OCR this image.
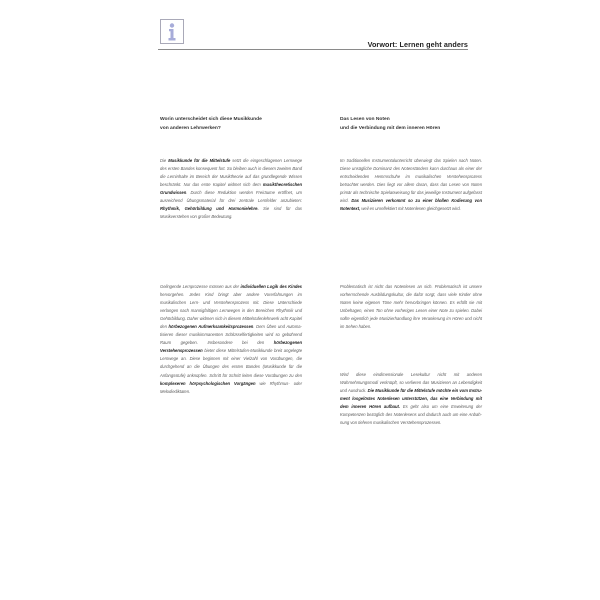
Vorwort: Lernen geht anders
Worin unterscheidet sich diese Musikkunde
von anderen Lehrwerken?
Die Musikkunde für die Mittelstufe setzt die eingeschlagenen Lernwege des ersten Bandes konsequent fort. So bleiben auch in diesem zweiten Band die Lerninhalte im Bereich der Musiktheorie auf das grundlegende Wissen beschränkt. Nur das erste Kapitel widmet sich dem musiktheoretischen Grundwissen. Durch diese Reduktion werden Freiräume eröffnet, um ausreichend Übungsmaterial für drei zentrale Lernfelder anzubieten: Rhythmik, Gehörbildung und Harmonielehre. Sie sind für das Musikverstehen von großer Bedeutung.
Gelingende Lernprozesse müssen aus der individuellen Logik des Kindes hervorgehen. Jedes Kind bringt aber andere Vorerfahrungen im musikalischen Lern- und Verstehensprozess mit. Diese Unterschiede verlangen nach mannigfaltigen Lernwegen in den Bereichen Rhythmik und Gehörbildung. Daher widmen sich in diesem Mittelstufenlehrwerk acht Kapitel den hörbezogenen Aufmerksamkeitsprozessen. Dem Üben und Automatisieren dieser musikimmanenten Schlüsselfertigkeiten wird so gebührend Raum gegeben. Insbesondere bei den hörbezogenen Verstehensprozessen bietet diese Mittelstufen-Musikkunde breit angelegte Lernwege an. Diese beginnen mit einer Vielzahl von Vorübungen, die durchgehend an die Übungen des ersten Bandes (Musikkunde für die Anfangsstufe) anknüpfen. Schritt für Schritt leiten diese Vorübungen zu den komplexeren hörpsychologischen Vorgängen wie Rhythmus- oder Melodiediktaten.
Das Lesen von Noten
und die Verbindung mit dem inneren Hören
Im traditionellen Instrumentalunterricht überwiegt das Spielen nach Noten. Diese unsägliche Dominanz des Notenständers kann durchaus als einer der entscheidenden Hemmschuhe im musikalischen Verstehensprozess betrachtet werden. Dies liegt vor allem daran, dass das Lesen von Noten primär als technische Spielanweisung für das jeweilige Instrument aufgefasst wird. Das Musizieren verkommt so zu einer bloßen Kodierung von Notentext, weil es unreflektiert mit Notenlesen gleichgesetzt wird.
Problematisch ist nicht das Notenlesen an sich. Problematisch ist unsere vorherrschende Ausbildungskultur, die dafür sorgt, dass viele Kinder ohne Noten keine eigenen Töne mehr hervorbringen können. Es erfüllt sie mit Unbehagen, einen Ton ohne vorheriges Lesen einer Note zu spielen. Dabei sollte eigentlich jede Musizierhandlung ihre Verankerung im Hören und nicht im Sehen haben.
Wird diese eindimensionale Lesekultur nicht mit anderen Wahrnehmungsmodi verknüpft, so verlieren das Musizieren an Lebendigkeit und Ausdruck. Die Musikkunde für die Mittelstufe möchte ein vom Instrument losgelöstes Notenlesen unterstützen, das eine Verbindung mit dem inneren Hören aufbaut. Es geht also um eine Erweiterung der Kompetenzen bezüglich des Notenlesens und dadurch auch um eine Anbahnung von tieferen musikalischen Verstehensprozessen.
